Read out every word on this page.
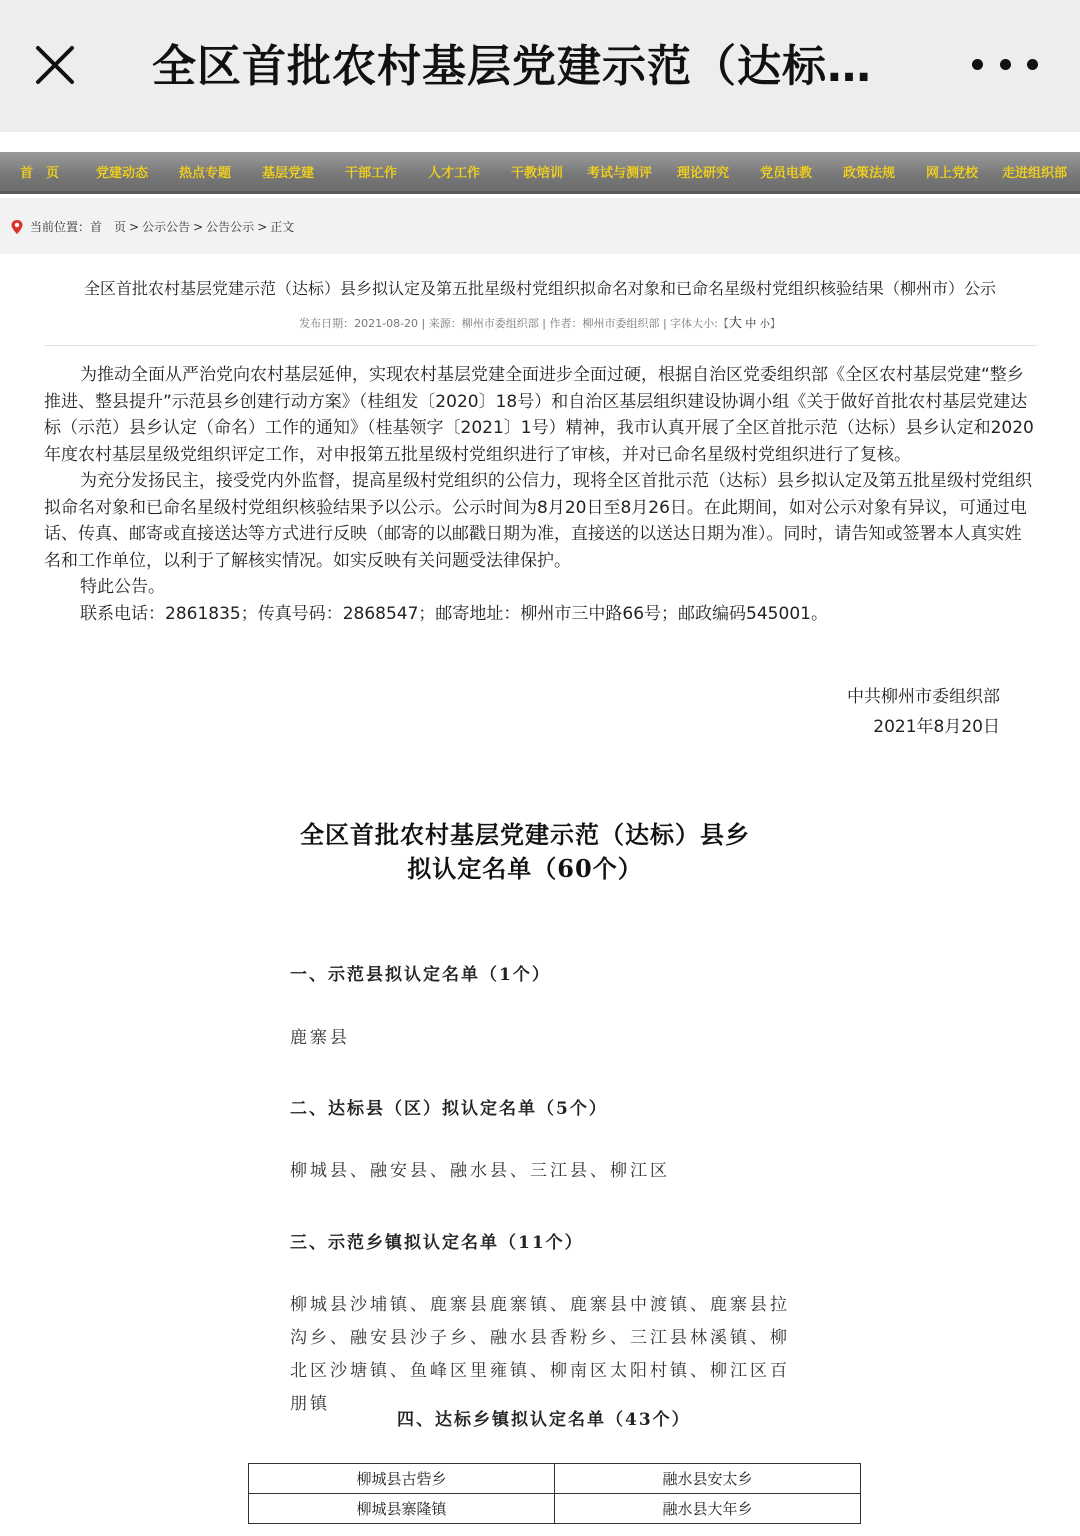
全区首批农村基层党建示范（达标…
首　页	党建动态	热点专题	基层党建	干部工作	人才工作	干教培训	考试与测评	理论研究	党员电教	政策法规	网上党校	走进组织部
当前位置： 首　页 > 公示公告 > 公告公示 > 正文
全区首批农村基层党建示范（达标）县乡拟认定及第五批星级村党组织拟命名对象和已命名星级村党组织核验结果（柳州市）公示
发布日期：2021-08-20 | 来源：柳州市委组织部 | 作者：柳州市委组织部 | 字体大小:【大 中 小】

为推动全面从严治党向农村基层延伸，实现农村基层党建全面进步全面过硬，根据自治区党委组织部《全区农村基层党建“整乡推进、整县提升”示范县乡创建行动方案》（桂组发〔2020〕18号）和自治区基层组织建设协调小组《关于做好首批农村基层党建达标（示范）县乡认定（命名）工作的通知》（桂基领字〔2021〕1号）精神，我市认真开展了全区首批示范（达标）县乡认定和2020年度农村基层星级党组织评定工作，对申报第五批星级村党组织进行了审核，并对已命名星级村党组织进行了复核。

为充分发扬民主，接受党内外监督，提高星级村党组织的公信力，现将全区首批示范（达标）县乡拟认定及第五批星级村党组织拟命名对象和已命名星级村党组织核验结果予以公示。公示时间为8月20日至8月26日。在此期间，如对公示对象有异议，可通过电话、传真、邮寄或直接送达等方式进行反映（邮寄的以邮戳日期为准，直接送的以送达日期为准）。同时，请告知或签署本人真实姓名和工作单位，以利于了解核实情况。如实反映有关问题受法律保护。

特此公告。

联系电话：2861835；传真号码：2868547；邮寄地址：柳州市三中路66号；邮政编码545001。

中共柳州市委组织部
2021年8月20日
全区首批农村基层党建示范（达标）县乡
拟认定名单（60个）
一、示范县拟认定名单（1个）
鹿寨县
二、达标县（区）拟认定名单（5个）
柳城县、融安县、融水县、三江县、柳江区
三、示范乡镇拟认定名单（11个）
柳城县沙埔镇、鹿寨县鹿寨镇、鹿寨县中渡镇、鹿寨县拉沟乡、融安县沙子乡、融水县香粉乡、三江县林溪镇、柳北区沙塘镇、鱼峰区里雍镇、柳南区太阳村镇、柳江区百朋镇
四、达标乡镇拟认定名单（43个）
柳城县古砦乡	融水县安太乡
柳城县寨隆镇	融水县大年乡
